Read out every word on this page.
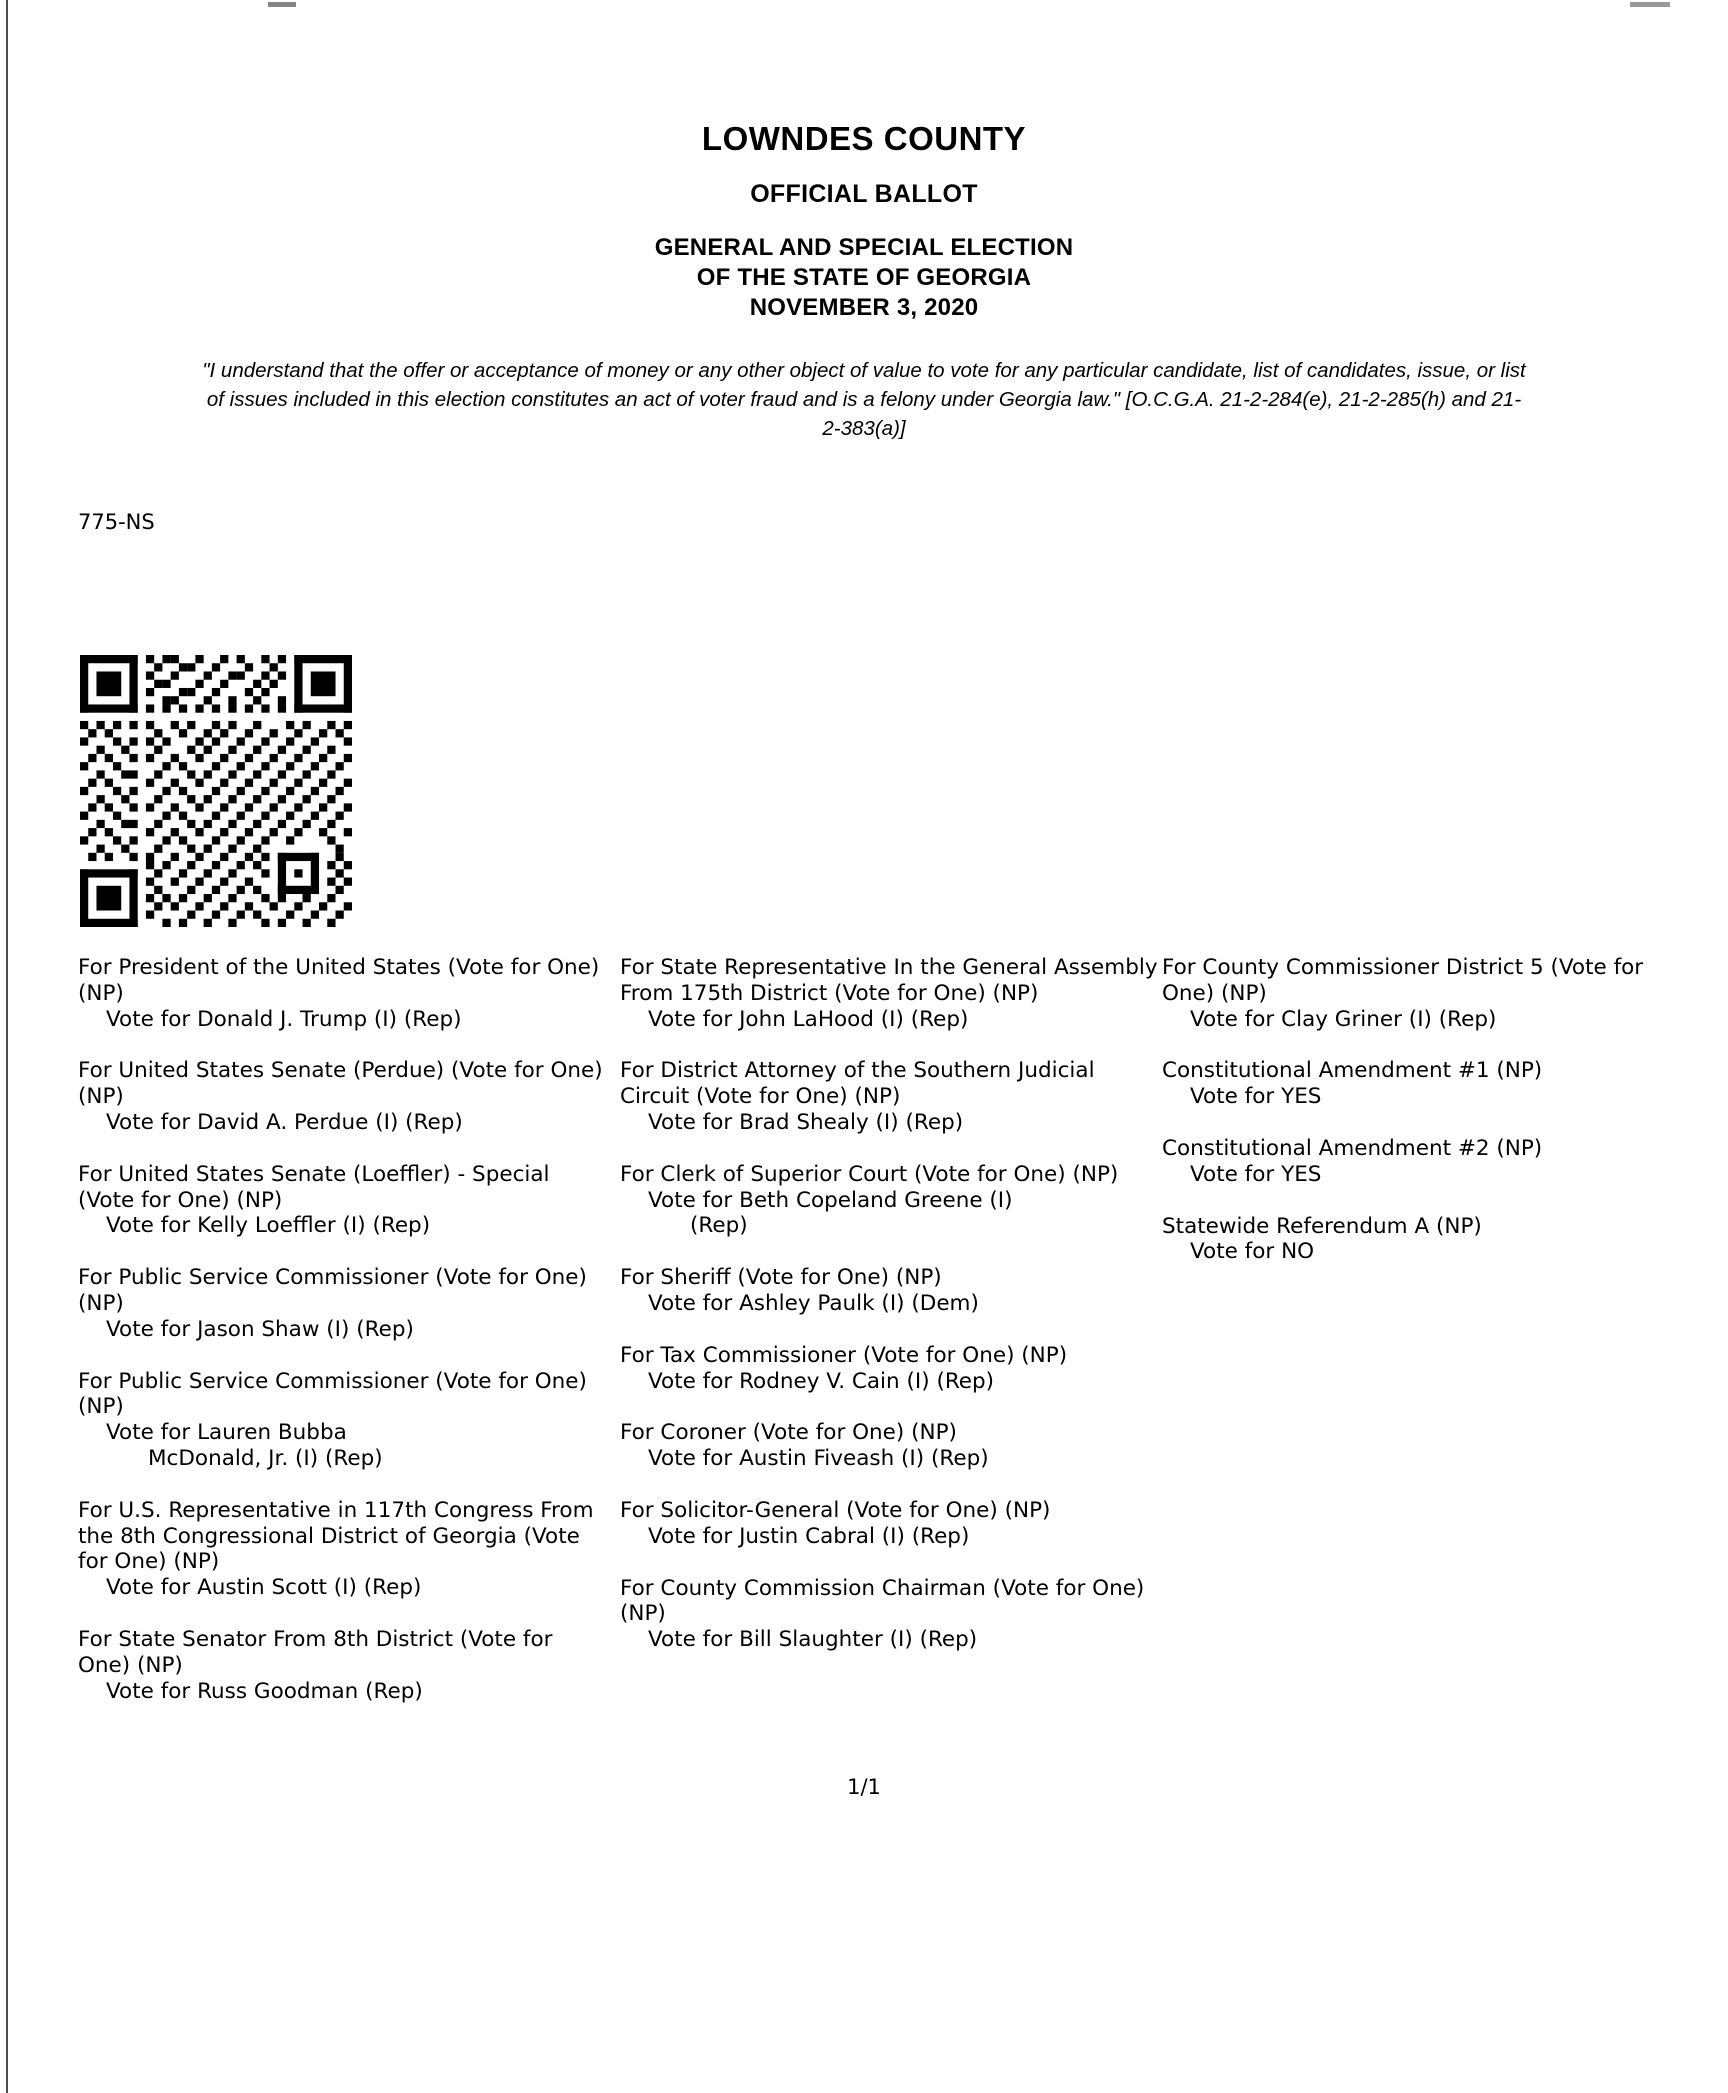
LOWNDES COUNTY
OFFICIAL BALLOT
GENERAL AND SPECIAL ELECTION
OF THE STATE OF GEORGIA
NOVEMBER 3, 2020
"I understand that the offer or acceptance of money or any other object of value to vote for any particular candidate, list of candidates, issue, or list of issues included in this election constitutes an act of voter fraud and is a felony under Georgia law." [O.C.G.A. 21-2-284(e), 21-2-285(h) and 21-2-383(a)]
775-NS
For President of the United States (Vote for One) (NP)
Vote for Donald J. Trump (I) (Rep)
For United States Senate (Perdue) (Vote for One) (NP)
Vote for David A. Perdue (I) (Rep)
For United States Senate (Loeffler) - Special (Vote for One) (NP)
Vote for Kelly Loeffler (I) (Rep)
For Public Service Commissioner (Vote for One) (NP)
Vote for Jason Shaw (I) (Rep)
For Public Service Commissioner (Vote for One) (NP)
Vote for Lauren Bubba
McDonald, Jr. (I) (Rep)
For U.S. Representative in 117th Congress From the 8th Congressional District of Georgia (Vote for One) (NP)
Vote for Austin Scott (I) (Rep)
For State Senator From 8th District (Vote for One) (NP)
Vote for Russ Goodman (Rep)
For State Representative In the General Assembly From 175th District (Vote for One) (NP)
Vote for John LaHood (I) (Rep)
For District Attorney of the Southern Judicial Circuit (Vote for One) (NP)
Vote for Brad Shealy (I) (Rep)
For Clerk of Superior Court (Vote for One) (NP)
Vote for Beth Copeland Greene (I)
(Rep)
For Sheriff (Vote for One) (NP)
Vote for Ashley Paulk (I) (Dem)
For Tax Commissioner (Vote for One) (NP)
Vote for Rodney V. Cain (I) (Rep)
For Coroner (Vote for One) (NP)
Vote for Austin Fiveash (I) (Rep)
For Solicitor-General (Vote for One) (NP)
Vote for Justin Cabral (I) (Rep)
For County Commission Chairman (Vote for One) (NP)
Vote for Bill Slaughter (I) (Rep)
For County Commissioner District 5 (Vote for One) (NP)
Vote for Clay Griner (I) (Rep)
Constitutional Amendment #1 (NP)
Vote for YES
Constitutional Amendment #2 (NP)
Vote for YES
Statewide Referendum A (NP)
Vote for NO
1/1
